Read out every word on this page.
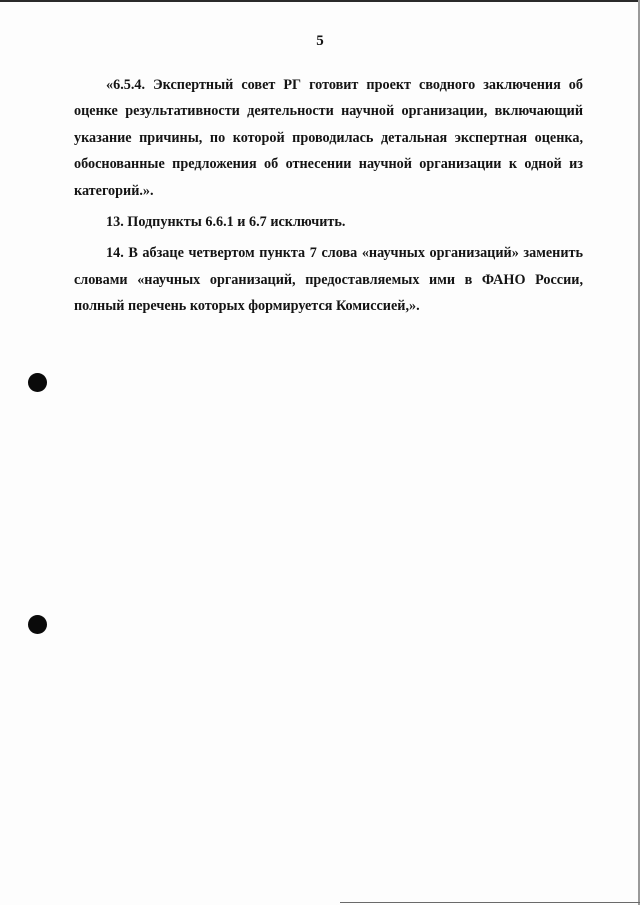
5

«6.5.4. Экспертный совет РГ готовит проект сводного заключения об оценке результативности деятельности научной организации, включающий указание причины, по которой проводилась детальная экспертная оценка, обоснованные предложения об отнесении научной организации к одной из категорий.».

13. Подпункты 6.6.1 и 6.7 исключить.

14. В абзаце четвертом пункта 7 слова «научных организаций» заменить словами «научных организаций, предоставляемых ими в ФАНО России, полный перечень которых формируется Комиссией,».
